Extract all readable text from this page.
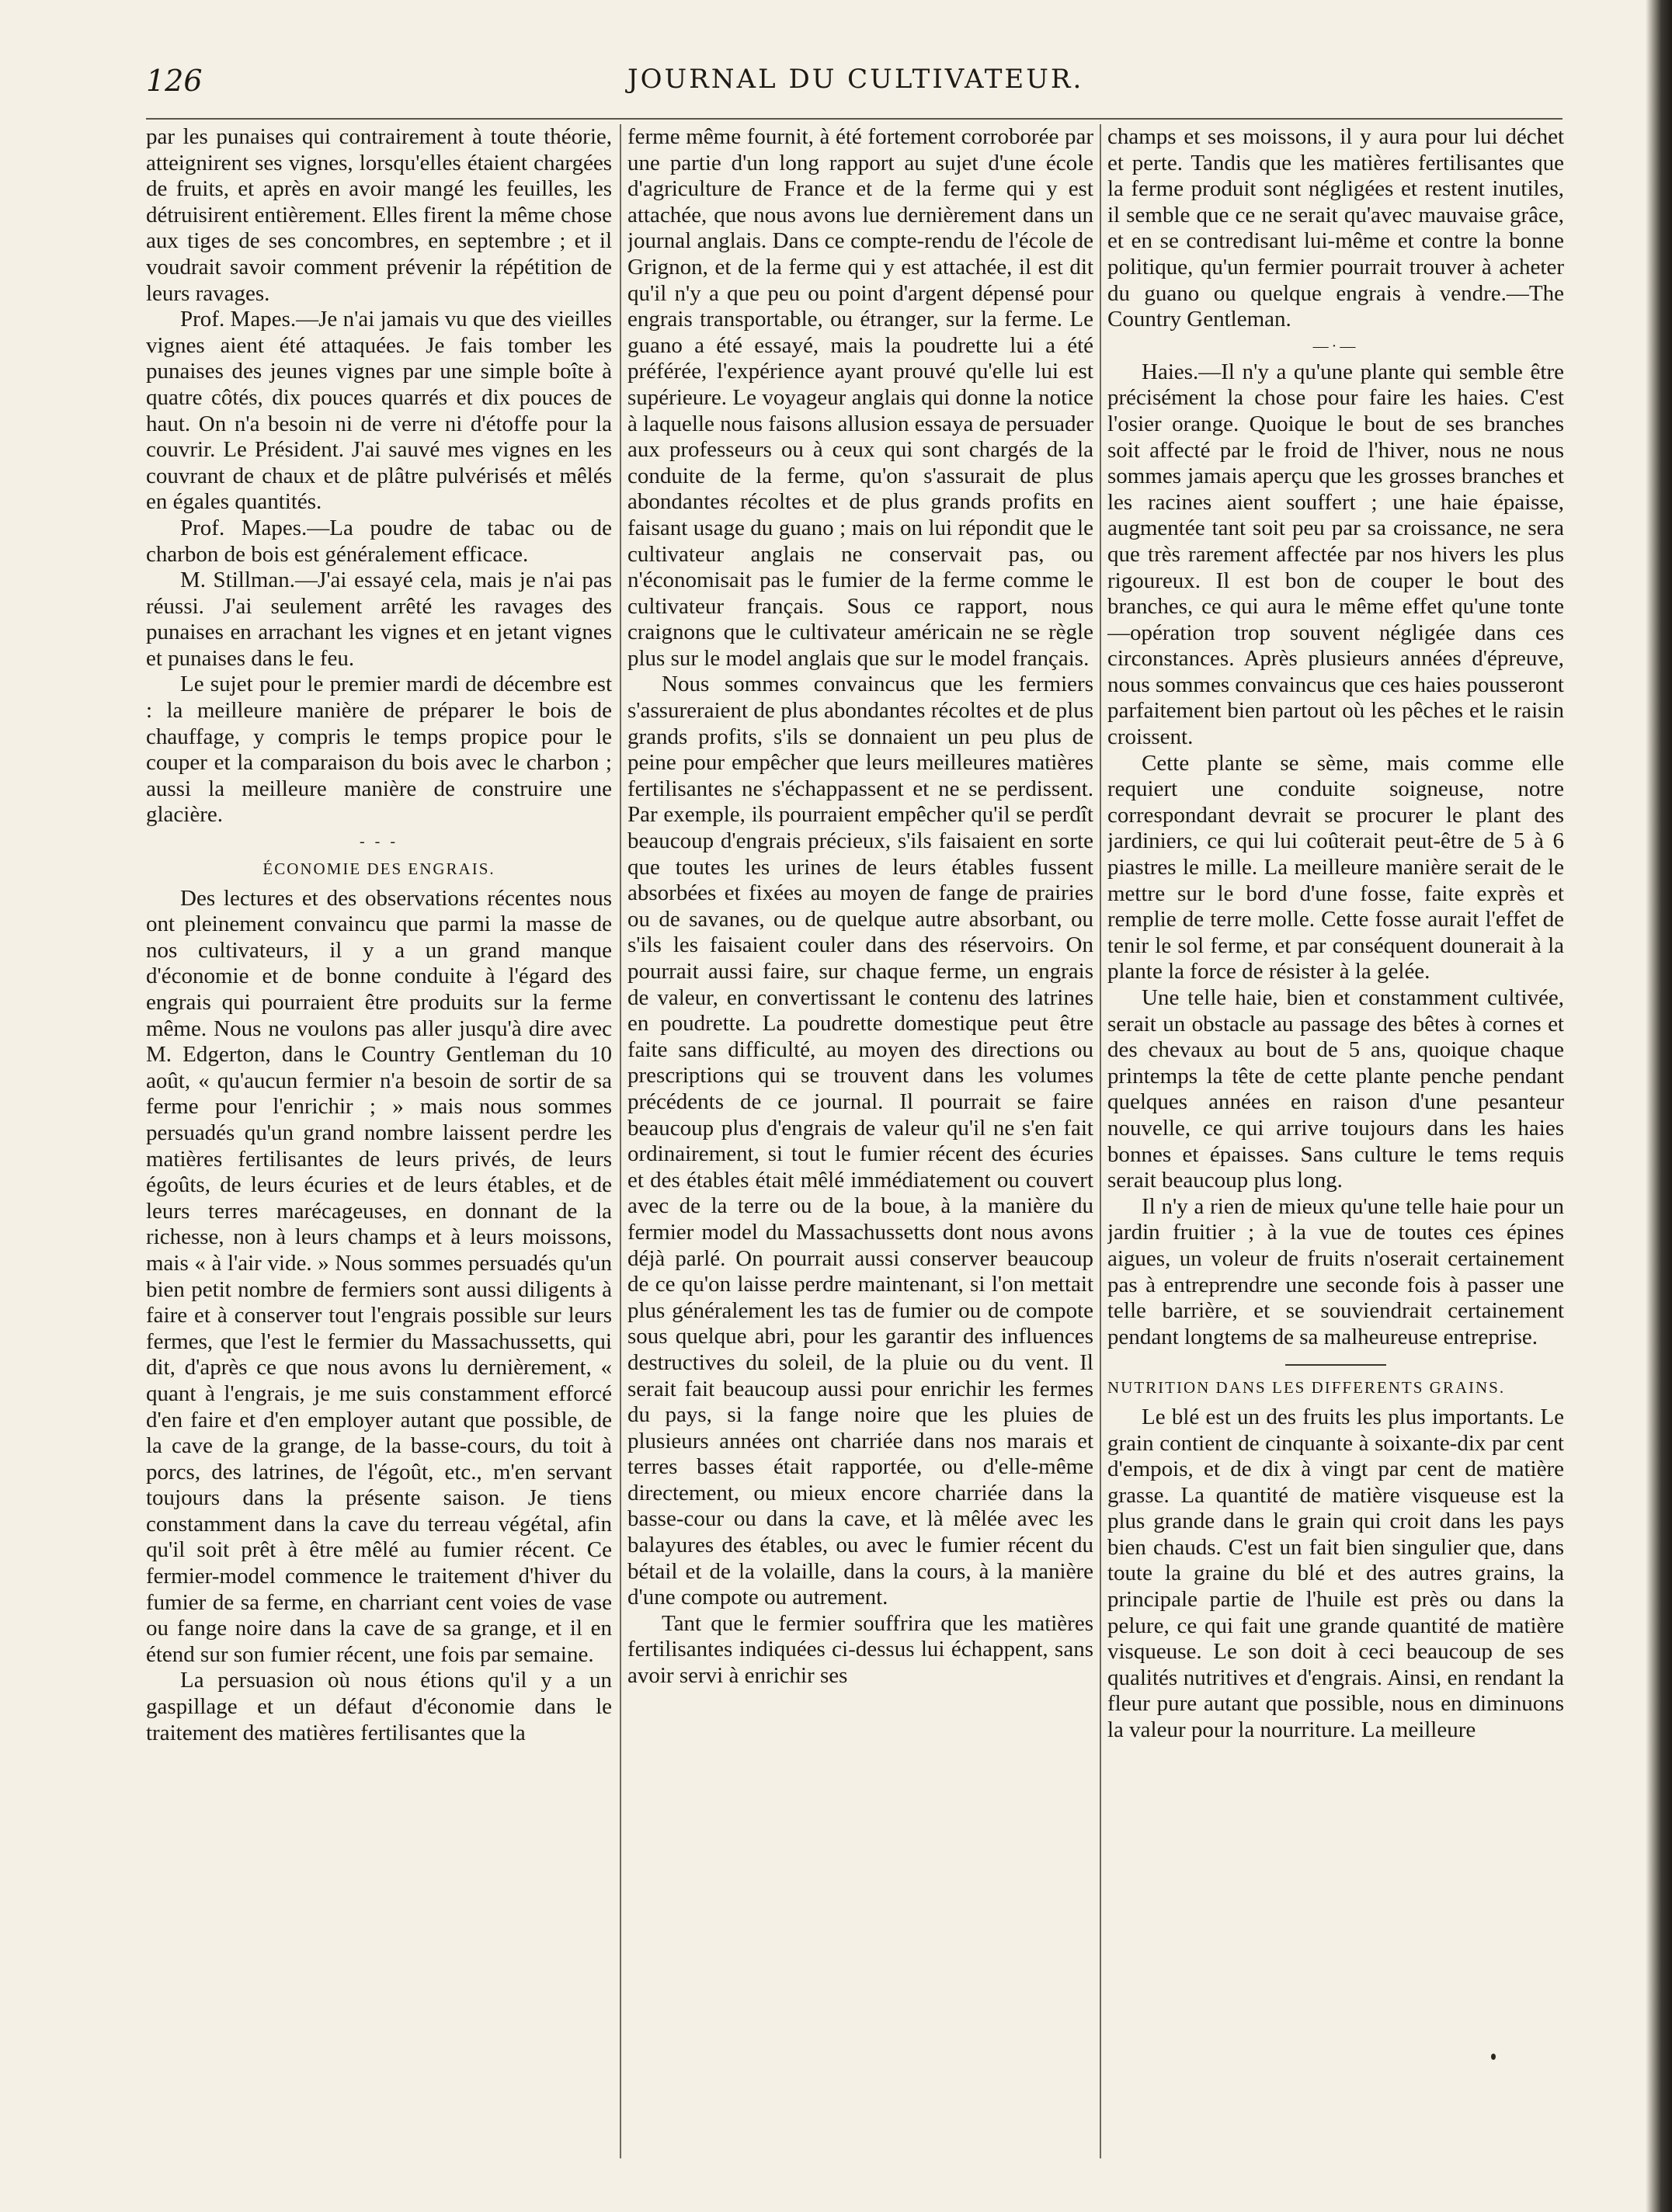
126	JOURNAL DU CULTIVATEUR.

par les punaises qui contrairement à toute théorie, atteignirent ses vignes, lorsqu'elles étaient chargées de fruits, et après en avoir mangé les feuilles, les détruisirent entièrement. Elles firent la même chose aux tiges de ses concombres, en septembre ; et il voudrait savoir comment prévenir la répétition de leurs ravages.

Prof. Mapes.—Je n'ai jamais vu que des vieilles vignes aient été attaquées. Je fais tomber les punaises des jeunes vignes par une simple boîte à quatre côtés, dix pouces quarrés et dix pouces de haut. On n'a besoin ni de verre ni d'étoffe pour la couvrir. Le Président. J'ai sauvé mes vignes en les couvrant de chaux et de plâtre pulvérisés et mêlés en égales quantités.

Prof. Mapes.—La poudre de tabac ou de charbon de bois est généralement efficace.

M. Stillman.—J'ai essayé cela, mais je n'ai pas réussi. J'ai seulement arrêté les ravages des punaises en arrachant les vignes et en jetant vignes et punaises dans le feu.

Le sujet pour le premier mardi de décembre est : la meilleure manière de préparer le bois de chauffage, y compris le temps propice pour le couper et la comparaison du bois avec le charbon ; aussi la meilleure manière de construire une glacière.

- - -

ÉCONOMIE DES ENGRAIS.

Des lectures et des observations récentes nous ont pleinement convaincu que parmi la masse de nos cultivateurs, il y a un grand manque d'économie et de bonne conduite à l'égard des engrais qui pourraient être produits sur la ferme même. Nous ne voulons pas aller jusqu'à dire avec M. Edgerton, dans le Country Gentleman du 10 août, « qu'aucun fermier n'a besoin de sortir de sa ferme pour l'enrichir ; » mais nous sommes persuadés qu'un grand nombre laissent perdre les matières fertilisantes de leurs privés, de leurs égoûts, de leurs écuries et de leurs étables, et de leurs terres marécageuses, en donnant de la richesse, non à leurs champs et à leurs moissons, mais « à l'air vide. » Nous sommes persuadés qu'un bien petit nombre de fermiers sont aussi diligents à faire et à conserver tout l'engrais possible sur leurs fermes, que l'est le fermier du Massachussetts, qui dit, d'après ce que nous avons lu dernièrement, « quant à l'engrais, je me suis constamment efforcé d'en faire et d'en employer autant que possible, de la cave de la grange, de la basse-cours, du toit à porcs, des latrines, de l'égoût, etc., m'en servant toujours dans la présente saison. Je tiens constamment dans la cave du terreau végétal, afin qu'il soit prêt à être mêlé au fumier récent. Ce fermier-model commence le traitement d'hiver du fumier de sa ferme, en charriant cent voies de vase ou fange noire dans la cave de sa grange, et il en étend sur son fumier récent, une fois par semaine.

La persuasion où nous étions qu'il y a un gaspillage et un défaut d'économie dans le traitement des matières fertilisantes que la

ferme même fournit, à été fortement corroborée par une partie d'un long rapport au sujet d'une école d'agriculture de France et de la ferme qui y est attachée, que nous avons lue dernièrement dans un journal anglais. Dans ce compte-rendu de l'école de Grignon, et de la ferme qui y est attachée, il est dit qu'il n'y a que peu ou point d'argent dépensé pour engrais transportable, ou étranger, sur la ferme. Le guano a été essayé, mais la poudrette lui a été préférée, l'expérience ayant prouvé qu'elle lui est supérieure. Le voyageur anglais qui donne la notice à laquelle nous faisons allusion essaya de persuader aux professeurs ou à ceux qui sont chargés de la conduite de la ferme, qu'on s'assurait de plus abondantes récoltes et de plus grands profits en faisant usage du guano ; mais on lui répondit que le cultivateur anglais ne conservait pas, ou n'économisait pas le fumier de la ferme comme le cultivateur français. Sous ce rapport, nous craignons que le cultivateur américain ne se règle plus sur le model anglais que sur le model français.

Nous sommes convaincus que les fermiers s'assureraient de plus abondantes récoltes et de plus grands profits, s'ils se donnaient un peu plus de peine pour empêcher que leurs meilleures matières fertilisantes ne s'échappassent et ne se perdissent. Par exemple, ils pourraient empêcher qu'il se perdît beaucoup d'engrais précieux, s'ils faisaient en sorte que toutes les urines de leurs étables fussent absorbées et fixées au moyen de fange de prairies ou de savanes, ou de quelque autre absorbant, ou s'ils les faisaient couler dans des réservoirs. On pourrait aussi faire, sur chaque ferme, un engrais de valeur, en convertissant le contenu des latrines en poudrette. La poudrette domestique peut être faite sans difficulté, au moyen des directions ou prescriptions qui se trouvent dans les volumes précédents de ce journal. Il pourrait se faire beaucoup plus d'engrais de valeur qu'il ne s'en fait ordinairement, si tout le fumier récent des écuries et des étables était mêlé immédiatement ou couvert avec de la terre ou de la boue, à la manière du fermier model du Massachussetts dont nous avons déjà parlé. On pourrait aussi conserver beaucoup de ce qu'on laisse perdre maintenant, si l'on mettait plus généralement les tas de fumier ou de compote sous quelque abri, pour les garantir des influences destructives du soleil, de la pluie ou du vent. Il serait fait beaucoup aussi pour enrichir les fermes du pays, si la fange noire que les pluies de plusieurs années ont charriée dans nos marais et terres basses était rapportée, ou d'elle-même directement, ou mieux encore charriée dans la basse-cour ou dans la cave, et là mêlée avec les balayures des étables, ou avec le fumier récent du bétail et de la volaille, dans la cours, à la manière d'une compote ou autrement.

Tant que le fermier souffrira que les matières fertilisantes indiquées ci-dessus lui échappent, sans avoir servi à enrichir ses

champs et ses moissons, il y aura pour lui déchet et perte. Tandis que les matières fertilisantes que la ferme produit sont négligées et restent inutiles, il semble que ce ne serait qu'avec mauvaise grâce, et en se contredisant lui-même et contre la bonne politique, qu'un fermier pourrait trouver à acheter du guano ou quelque engrais à vendre.—The Country Gentleman.

—·—

Haies.—Il n'y a qu'une plante qui semble être précisément la chose pour faire les haies. C'est l'osier orange. Quoique le bout de ses branches soit affecté par le froid de l'hiver, nous ne nous sommes jamais aperçu que les grosses branches et les racines aient souffert ; une haie épaisse, augmentée tant soit peu par sa croissance, ne sera que très rarement affectée par nos hivers les plus rigoureux. Il est bon de couper le bout des branches, ce qui aura le même effet qu'une tonte—opération trop souvent négligée dans ces circonstances. Après plusieurs années d'épreuve, nous sommes convaincus que ces haies pousseront parfaitement bien partout où les pêches et le raisin croissent.

Cette plante se sème, mais comme elle requiert une conduite soigneuse, notre correspondant devrait se procurer le plant des jardiniers, ce qui lui coûterait peut-être de 5 à 6 piastres le mille. La meilleure manière serait de le mettre sur le bord d'une fosse, faite exprès et remplie de terre molle. Cette fosse aurait l'effet de tenir le sol ferme, et par conséquent dounerait à la plante la force de résister à la gelée.

Une telle haie, bien et constamment cultivée, serait un obstacle au passage des bêtes à cornes et des chevaux au bout de 5 ans, quoique chaque printemps la tête de cette plante penche pendant quelques années en raison d'une pesanteur nouvelle, ce qui arrive toujours dans les haies bonnes et épaisses. Sans culture le tems requis serait beaucoup plus long.

Il n'y a rien de mieux qu'une telle haie pour un jardin fruitier ; à la vue de toutes ces épines aigues, un voleur de fruits n'oserait certainement pas à entreprendre une seconde fois à passer une telle barrière, et se souviendrait certainement pendant longtems de sa malheureuse entreprise.

NUTRITION DANS LES DIFFERENTS GRAINS.

Le blé est un des fruits les plus importants. Le grain contient de cinquante à soixante-dix par cent d'empois, et de dix à vingt par cent de matière grasse. La quantité de matière visqueuse est la plus grande dans le grain qui croit dans les pays bien chauds. C'est un fait bien singulier que, dans toute la graine du blé et des autres grains, la principale partie de l'huile est près ou dans la pelure, ce qui fait une grande quantité de matière visqueuse. Le son doit à ceci beaucoup de ses qualités nutritives et d'engrais. Ainsi, en rendant la fleur pure autant que possible, nous en diminuons la valeur pour la nourriture. La meilleure
